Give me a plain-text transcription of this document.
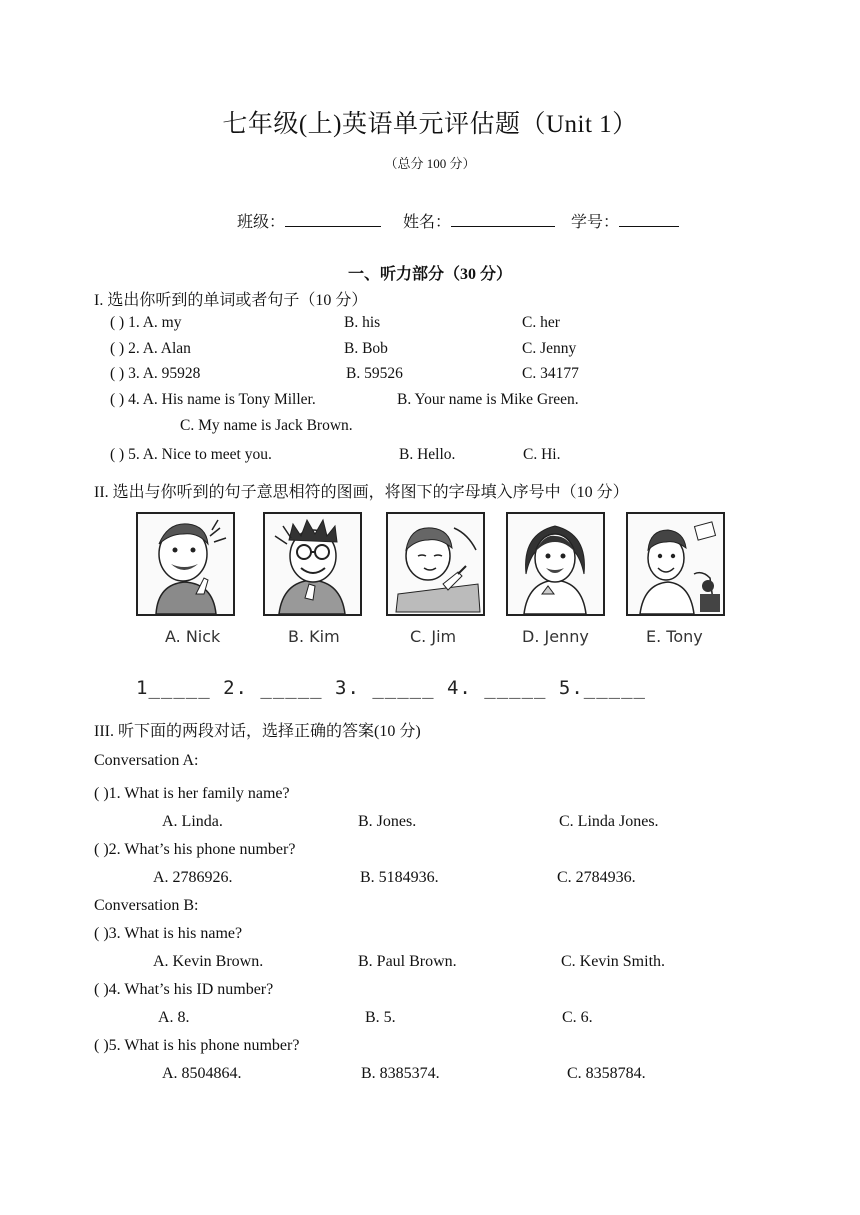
七年级(上)英语单元评估题（Unit 1）
（总分 100 分）
班级：	姓名：	学号：
一、听力部分（30 分）
I. 选出你听到的单词或者句子（10 分）
( ) 1. A. my	B. his	C. her
( ) 2. A. Alan	B. Bob	C. Jenny
( ) 3. A. 95928	B. 59526	C. 34177
( ) 4. A. His name is Tony Miller.	B. Your name is Mike Green.
C. My name is Jack Brown.
( ) 5. A. Nice to meet you.	B. Hello.	C. Hi.
II. 选出与你听到的句子意思相符的图画，将图下的字母填入序号中（10 分）
A. Nick	B. Kim	C. Jim	D. Jenny	E. Tony
1_____ 2. _____ 3. _____ 4. _____ 5._____
III. 听下面的两段对话，选择正确的答案(10 分)
Conversation A:
( )1. What is her family name?
A. Linda.	B. Jones.	C. Linda Jones.
( )2. What’s his phone number?
A. 2786926.	B. 5184936.	C. 2784936.
Conversation B:
( )3. What is his name?
A. Kevin Brown.	B. Paul Brown.	C. Kevin Smith.
( )4. What’s his ID number?
A. 8.	B. 5.	C. 6.
( )5. What is his phone number?
A. 8504864.	B. 8385374.	C. 8358784.
